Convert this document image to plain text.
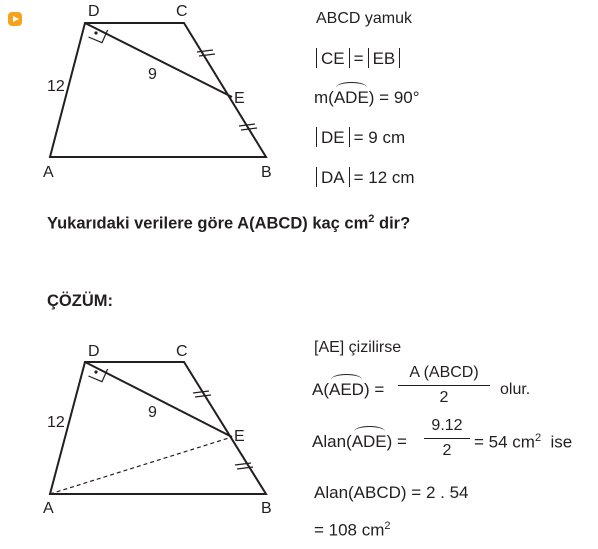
D	C
E
A	B
12
9
ABCD yamuk
CE = EB
m(ADE) = 90°
DE = 9 cm
DA = 12 cm
Yukarıdaki verilere göre A(ABCD) kaç $cm^2$ dir?
ÇÖZÜM:
D	C
E
A	B
12
9
[AE] çizilirse
A(AED) =
A (ABCD)
2	olur.
Alan(ADE) = $\frac{9.12}{2} = 54$ $cm^2$ ise
Alan(ABCD) = 2 . 54
= 108 $cm^2$
